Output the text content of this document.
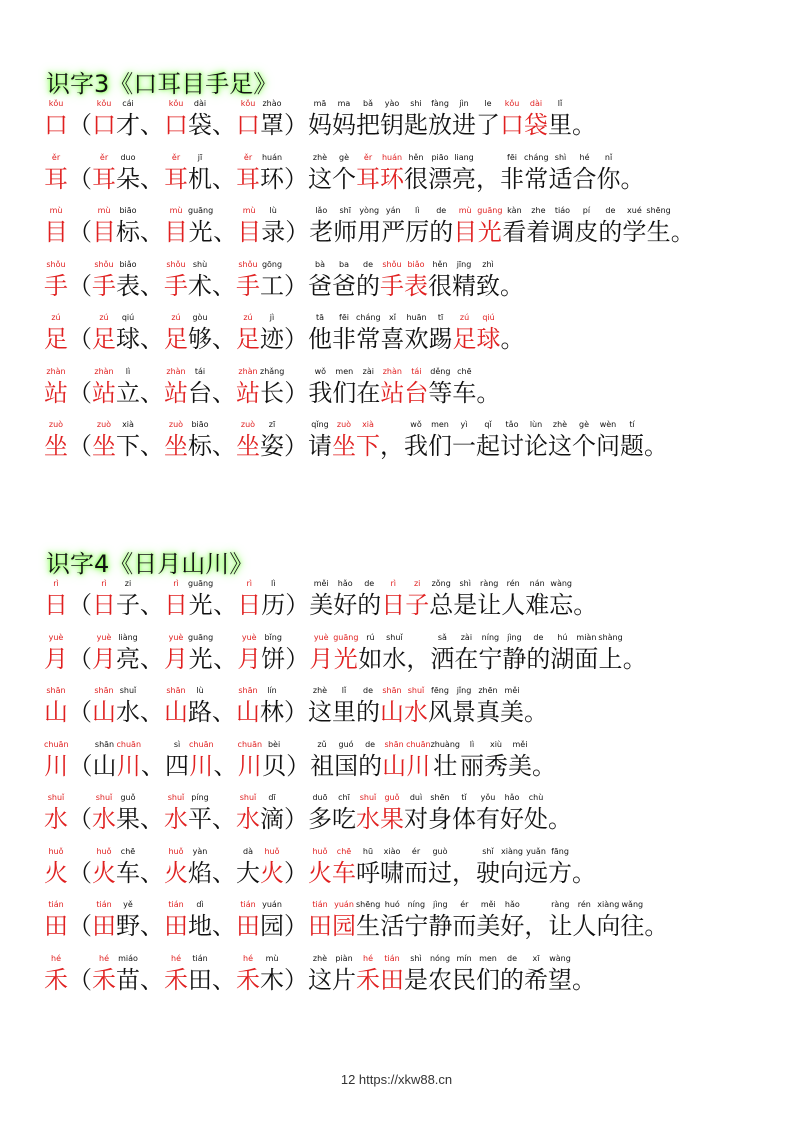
识字3《口耳目手足》
kǒu
口 （
kǒu
口
cái
才 、
kǒu
口
dài
袋 、
kǒu
口
zhào
罩 ）
mā
妈
ma
妈
bǎ
把
yào
钥
shi
匙
fàng
放
jìn
进
le
了
kǒu
口
dài
袋
lǐ
里 。
ěr
耳 （
ěr
耳
duo
朵 、
ěr
耳
jī
机 、
ěr
耳
huán
环 ）
zhè
这
gè
个
ěr
耳
huán
环
hěn
很
piāo
漂
liang
亮 ，
fēi
非
cháng
常
shì
适
hé
合
nǐ
你 。
mù
目 （
mù
目
biāo
标 、
mù
目
guāng
光 、
mù
目
lù
录 ）
lǎo
老
shī
师
yòng
用
yán
严
lì
厉
de
的
mù
目
guāng
光
kàn
看
zhe
着
tiáo
调
pí
皮
de
的
xué
学
shēng
生 。
shǒu
手 （
shǒu
手
biǎo
表 、
shǒu
手
shù
术 、
shǒu
手
gōng
工 ）
bà
爸
ba
爸
de
的
shǒu
手
biǎo
表
hěn
很
jīng
精
zhì
致 。
zú
足 （
zú
足
qiú
球 、
zú
足
gòu
够 、
zú
足
jì
迹 ）
tā
他
fēi
非
cháng
常
xǐ
喜
huān
欢
tī
踢
zú
足
qiú
球 。
zhàn
站 （
zhàn
站
lì
立 、
zhàn
站
tái
台 、
zhàn
站
zhǎng
长 ）
wǒ
我
men
们
zài
在
zhàn
站
tái
台
děng
等
chē
车 。
zuò
坐 （
zuò
坐
xià
下 、
zuò
坐
biāo
标 、
zuò
坐
zī
姿 ）
qǐng
请
zuò
坐
xià
下 ，
wǒ
我
men
们
yì
一
qǐ
起
tǎo
讨
lùn
论
zhè
这
gè
个
wèn
问
tí
题 。
识字4《日月山川》
rì
日 （
rì
日
zi
子 、
rì
日
guāng
光 、
rì
日
lì
历 ）
měi
美
hǎo
好
de
的
rì
日
zi
子
zǒng
总
shì
是
ràng
让
rén
人
nán
难
wàng
忘 。
yuè
月 （
yuè
月
liàng
亮 、
yuè
月
guāng
光 、
yuè
月
bǐng
饼 ）
yuè
月
guāng
光
rú
如
shuǐ
水 ，
sǎ
洒
zài
在
níng
宁
jìng
静
de
的
hú
湖
miàn
面
shàng
上 。
shān
山 （
shān
山
shuǐ
水 、
shān
山
lù
路 、
shān
山
lín
林 ）
zhè
这
lǐ
里
de
的
shān
山
shuǐ
水
fēng
风
jǐng
景
zhēn
真
měi
美 。
chuān
川 （
shān
山
chuān
川 、
sì
四
chuān
川 、
chuān
川
bèi
贝 ）
zǔ
祖
guó
国
de
的
shān
山
chuān
川
zhuàng
壮
lì
丽
xiù
秀
měi
美 。
shuǐ
水 （
shuǐ
水
guǒ
果 、
shuǐ
水
píng
平 、
shuǐ
水
dī
滴 ）
duō
多
chī
吃
shuǐ
水
guǒ
果
duì
对
shēn
身
tǐ
体
yǒu
有
hǎo
好
chù
处 。
huǒ
火 （
huǒ
火
chē
车 、
huǒ
火
yàn
焰 、
dà
大
huǒ
火 ）
huǒ
火
chē
车
hū
呼
xiào
啸
ér
而
guò
过 ，
shǐ
驶
xiàng
向
yuǎn
远
fāng
方 。
tián
田 （
tián
田
yě
野 、
tián
田
dì
地 、
tián
田
yuán
园 ）
tián
田
yuán
园
shēng
生
huó
活
níng
宁
jìng
静
ér
而
měi
美
hǎo
好 ，
ràng
让
rén
人
xiàng
向
wǎng
往 。
hé
禾 （
hé
禾
miáo
苗 、
hé
禾
tián
田 、
hé
禾
mù
木 ）
zhè
这
piàn
片
hé
禾
tián
田
shì
是
nóng
农
mín
民
men
们
de
的
xī
希
wàng
望 。
12 https://xkw88.cn
